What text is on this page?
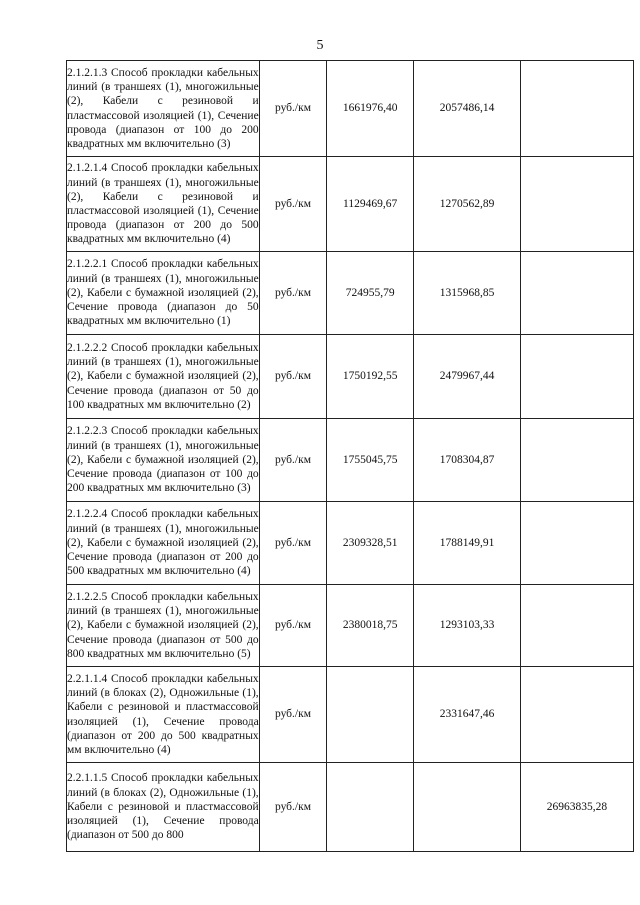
5
2.1.2.1.3 Способ прокладки кабельных линий (в траншеях (1), многожильные (2), Кабели с резиновой и пластмассовой изоляцией (1), Сечение провода (диапазон от 100 до 200 квадратных мм включительно (3)	руб./км	1661976,40	2057486,14	
2.1.2.1.4 Способ прокладки кабельных линий (в траншеях (1), многожильные (2), Кабели с резиновой и пластмассовой изоляцией (1), Сечение провода (диапазон от 200 до 500 квадратных мм включительно (4)	руб./км	1129469,67	1270562,89	
2.1.2.2.1 Способ прокладки кабельных линий (в траншеях (1), многожильные (2), Кабели с бумажной изоляцией (2), Сечение провода (диапазон до 50 квадратных мм включительно (1)	руб./км	724955,79	1315968,85	
2.1.2.2.2 Способ прокладки кабельных линий (в траншеях (1), многожильные (2), Кабели с бумажной изоляцией (2), Сечение провода (диапазон от 50 до 100 квадратных мм включительно (2)	руб./км	1750192,55	2479967,44	
2.1.2.2.3 Способ прокладки кабельных линий (в траншеях (1), многожильные (2), Кабели с бумажной изоляцией (2), Сечение провода (диапазон от 100 до 200 квадратных мм включительно (3)	руб./км	1755045,75	1708304,87	
2.1.2.2.4 Способ прокладки кабельных линий (в траншеях (1), многожильные (2), Кабели с бумажной изоляцией (2), Сечение провода (диапазон от 200 до 500 квадратных мм включительно (4)	руб./км	2309328,51	1788149,91	
2.1.2.2.5 Способ прокладки кабельных линий (в траншеях (1), многожильные (2), Кабели с бумажной изоляцией (2), Сечение провода (диапазон от 500 до 800 квадратных мм включительно (5)	руб./км	2380018,75	1293103,33	
2.2.1.1.4 Способ прокладки кабельных линий (в блоках (2), Одножильные (1), Кабели с резиновой и пластмассовой изоляцией (1), Сечение провода (диапазон от 200 до 500 квадратных мм включительно (4)	руб./км		2331647,46	
2.2.1.1.5 Способ прокладки кабельных линий (в блоках (2), Одножильные (1), Кабели с резиновой и пластмассовой изоляцией (1), Сечение провода (диапазон от 500 до 800	руб./км			26963835,28
